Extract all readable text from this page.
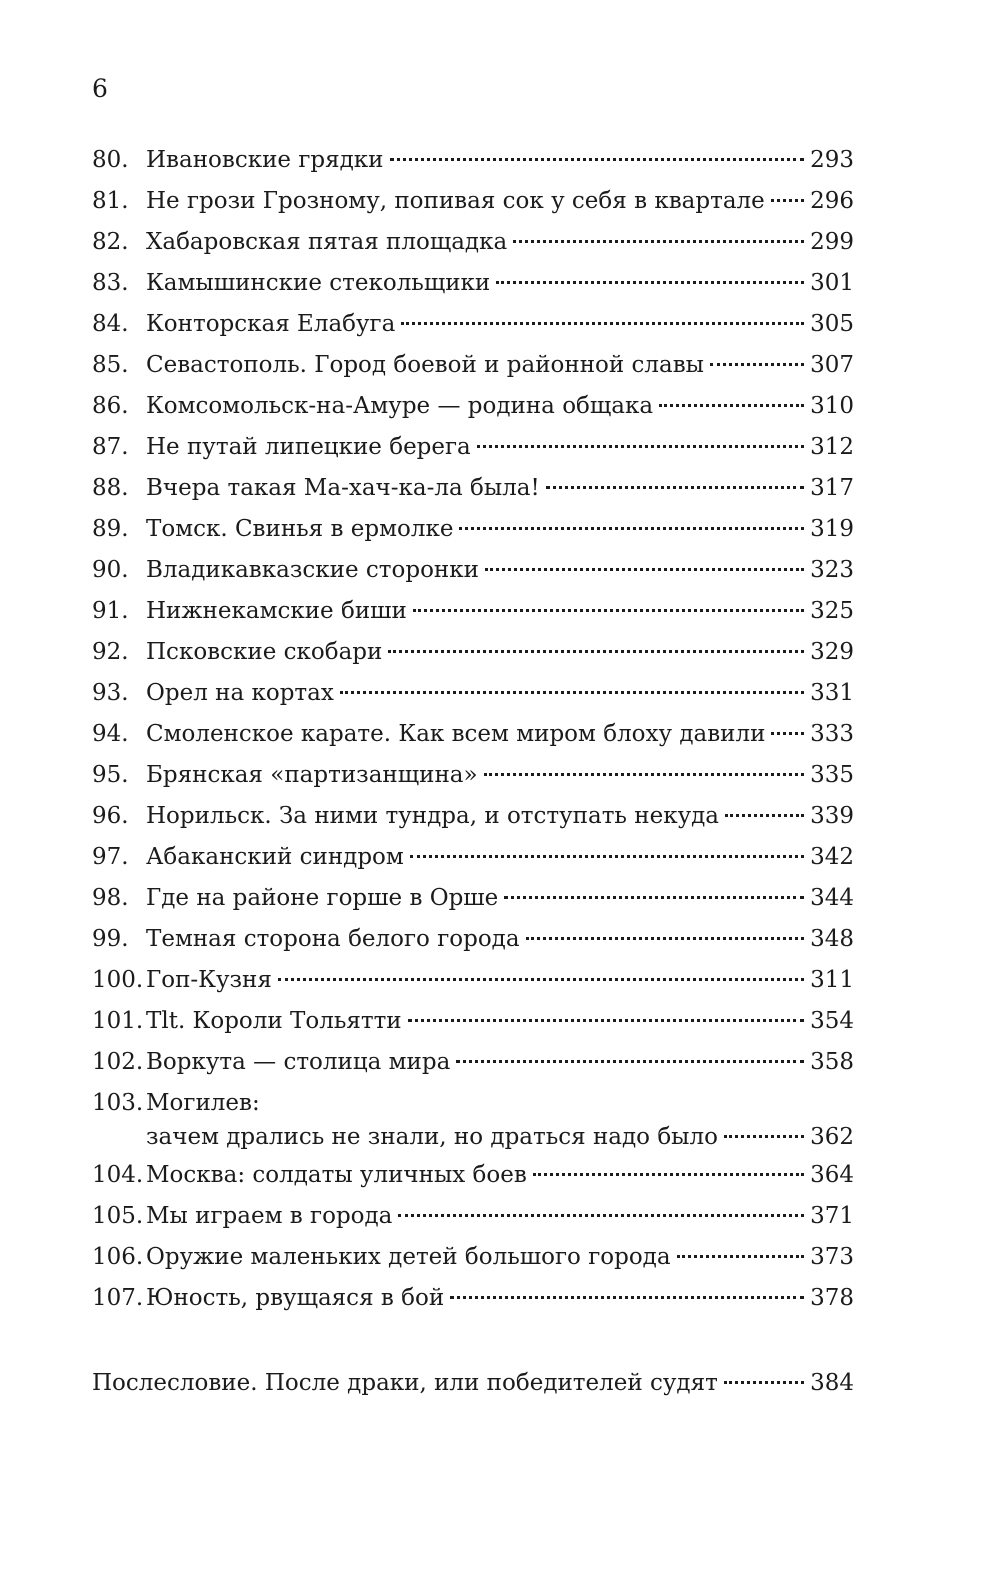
6
80. Ивановские грядки	293
81. Не грози Грозному, попивая сок у себя в квартале 296
82. Хабаровская пятая площадка	299
83. Камышинские стекольщики	301
84. Конторская Елабуга	305
85. Севастополь. Город боевой и районной славы	307
86. Комсомольск-на-Амуре — родина общака	310
87. Не путай липецкие берега	312
88. Вчера такая Ма-хач-ка-ла была!	317
89. Томск. Свинья в ермолке	319
90. Владикавказские сторонки	323
91. Нижнекамские биши	325
92. Псковские скобари	329
93. Орел на кортах	331
94. Смоленское карате. Как всем миром блоху давили 333
95. Брянская «партизанщина»	335
96. Норильск. За ними тундра, и отступать некуда	339
97. Абаканский синдром	342
98. Где на районе горше в Орше	344
99. Темная сторона белого города	348
100. Гоп-Кузня	311
101. Tlt. Короли Тольятти	354
102. Воркута — столица мира	358
103. Могилев:
зачем дрались не знали, но драться надо было	362
104. Москва: солдаты уличных боев	364
105. Мы играем в города	371
106. Оружие маленьких детей большого города	373
107. Юность, рвущаяся в бой	378
Послесловие. После драки, или победителей судят	384
